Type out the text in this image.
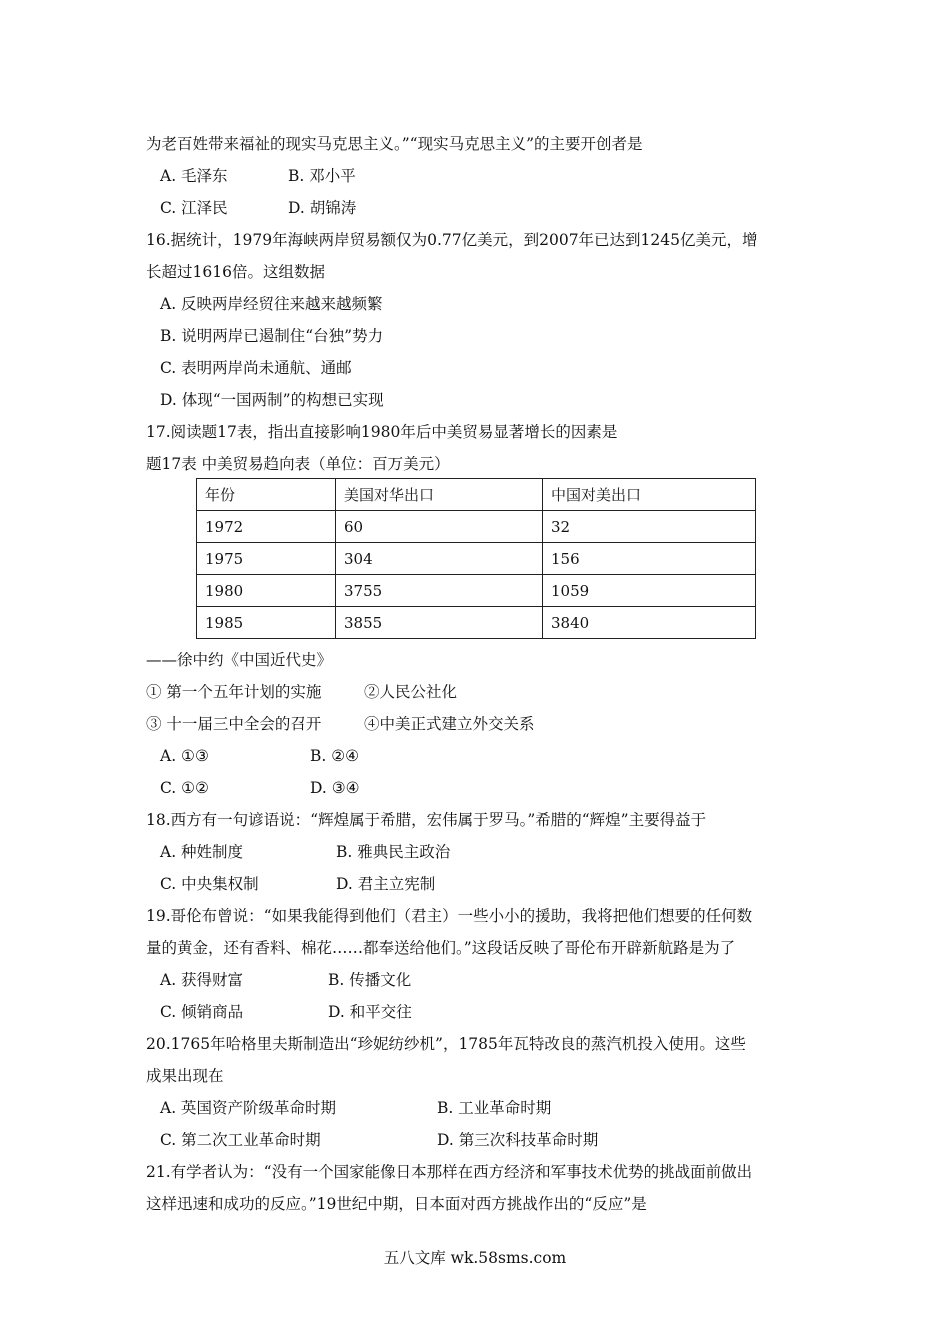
为老百姓带来福祉的现实马克思主义。”“现实马克思主义”的主要开创者是
A. 毛泽东	B. 邓小平
C. 江泽民	D. 胡锦涛
16.据统计，1979年海峡两岸贸易额仅为0.77亿美元，到2007年已达到1245亿美元，增
长超过1616倍。这组数据
A. 反映两岸经贸往来越来越频繁
B. 说明两岸已遏制住“台独”势力
C. 表明两岸尚未通航、通邮
D. 体现“一国两制”的构想已实现
17.阅读题17表，指出直接影响1980年后中美贸易显著增长的因素是
题17表 中美贸易趋向表（单位：百万美元）
年份	美国对华出口	中国对美出口
1972	60	32
1975	304	156
1980	3755	1059
1985	3855	3840
——徐中约《中国近代史》
① 第一个五年计划的实施	②人民公社化
③ 十一届三中全会的召开	④中美正式建立外交关系
A. ①③	B. ②④
C. ①②	D. ③④
18.西方有一句谚语说：“辉煌属于希腊，宏伟属于罗马。”希腊的“辉煌”主要得益于
A. 种姓制度	B. 雅典民主政治
C. 中央集权制	D. 君主立宪制
19.哥伦布曾说：“如果我能得到他们（君主）一些小小的援助，我将把他们想要的任何数
量的黄金，还有香料、棉花……都奉送给他们。”这段话反映了哥伦布开辟新航路是为了
A. 获得财富	B. 传播文化
C. 倾销商品	D. 和平交往
20.1765年哈格里夫斯制造出“珍妮纺纱机”，1785年瓦特改良的蒸汽机投入使用。这些
成果出现在
A. 英国资产阶级革命时期	B. 工业革命时期
C. 第二次工业革命时期	D. 第三次科技革命时期
21.有学者认为：“没有一个国家能像日本那样在西方经济和军事技术优势的挑战面前做出
这样迅速和成功的反应。”19世纪中期，日本面对西方挑战作出的“反应”是
五八文库 wk.58sms.com
